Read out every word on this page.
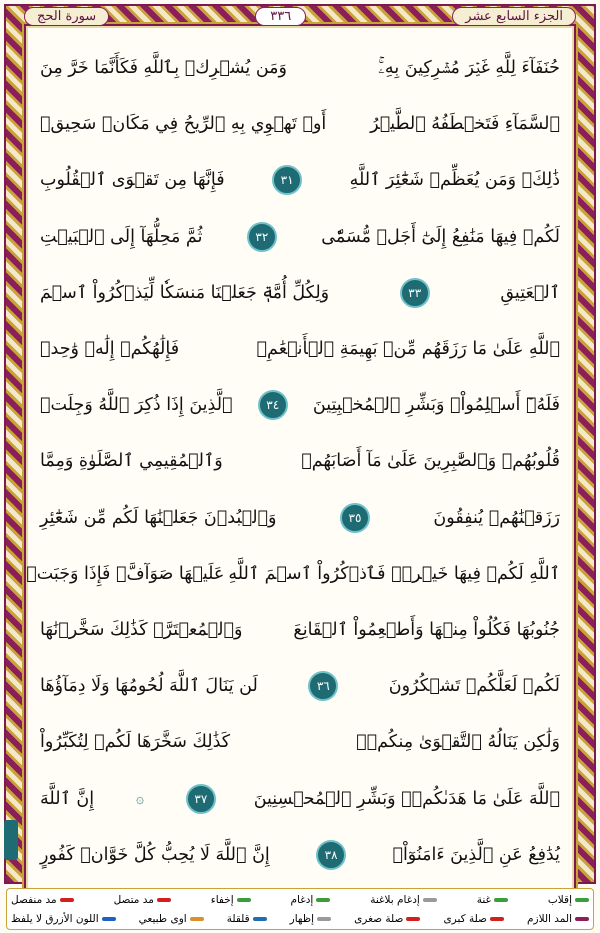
الجزء السابع عشر
٣٣٦
سورة الحج
حُنَفَآءَ لِلَّهِ غَيۡرَ مُشۡرِكِينَ بِهِۦۚ
وَمَن يُشۡرِكۡ بِٱللَّهِ فَكَأَنَّمَا خَرَّ مِنَ
ٱلسَّمَآءِ فَتَخۡطَفُهُ ٱلطَّيۡرُ
أَوۡ تَهۡوِي بِهِ ٱلرِّيحُ فِي مَكَانٖ سَحِيقٖ
ذَٰلِكَۖ وَمَن يُعَظِّمۡ شَعَٰٓئِرَ ٱللَّهِ
٣١
فَإِنَّهَا مِن تَقۡوَى ٱلۡقُلُوبِ
لَكُمۡ فِيهَا مَنَٰفِعُ إِلَىٰٓ أَجَلٖ مُّسَمّٗى
٣٢
ثُمَّ مَحِلُّهَآ إِلَى ٱلۡبَيۡتِ
ٱلۡعَتِيقِ
٣٣
وَلِكُلِّ أُمَّةٖ جَعَلۡنَا مَنسَكٗا لِّيَذۡكُرُواْ ٱسۡمَ
ٱللَّهِ عَلَىٰ مَا رَزَقَهُم مِّنۢ بَهِيمَةِ ٱلۡأَنۡعَٰمِۗ
فَإِلَٰهُكُمۡ إِلَٰهٞ وَٰحِدٞ
فَلَهُۥٓ أَسۡلِمُواْۗ وَبَشِّرِ ٱلۡمُخۡبِتِينَ
٣٤
ٱلَّذِينَ إِذَا ذُكِرَ ٱللَّهُ وَجِلَتۡ
قُلُوبُهُمۡ وَٱلصَّٰبِرِينَ عَلَىٰ مَآ أَصَابَهُمۡ
وَٱلۡمُقِيمِي ٱلصَّلَوٰةِ وَمِمَّا
رَزَقۡنَٰهُمۡ يُنفِقُونَ
٣٥
وَٱلۡبُدۡنَ جَعَلۡنَٰهَا لَكُم مِّن شَعَٰٓئِرِ
ٱللَّهِ لَكُمۡ فِيهَا خَيۡرٞۖ فَٱذۡكُرُواْ ٱسۡمَ ٱللَّهِ
عَلَيۡهَا صَوَآفَّۖ فَإِذَا وَجَبَتۡ
جُنُوبُهَا فَكُلُواْ مِنۡهَا وَأَطۡعِمُواْ ٱلۡقَانِعَ
وَٱلۡمُعۡتَرَّۚ كَذَٰلِكَ سَخَّرۡنَٰهَا
لَكُمۡ لَعَلَّكُمۡ تَشۡكُرُونَ
٣٦
لَن يَنَالَ ٱللَّهَ لُحُومُهَا وَلَا دِمَآؤُهَا
وَلَٰكِن يَنَالُهُ ٱلتَّقۡوَىٰ مِنكُمۡۚ
كَذَٰلِكَ سَخَّرَهَا لَكُمۡ لِتُكَبِّرُواْ
ٱللَّهَ عَلَىٰ مَا هَدَىٰكُمۡۗ وَبَشِّرِ ٱلۡمُحۡسِنِينَ
٣٧
۞
إِنَّ ٱللَّهَ
يُدَٰفِعُ عَنِ ٱلَّذِينَ ءَامَنُوٓاْۗ
٣٨
إِنَّ ٱللَّهَ لَا يُحِبُّ كُلَّ خَوَّانٖ كَفُورٍ
إقلاب
غنة
إدغام بلاغنة
إدغام
إخفاء
مد متصل
مد منفصل
المد اللازم
صلة كبرى
صلة صغرى
إظهار
قلقلة
اوى طبيعي
اللون الأزرق لا يلفظ
